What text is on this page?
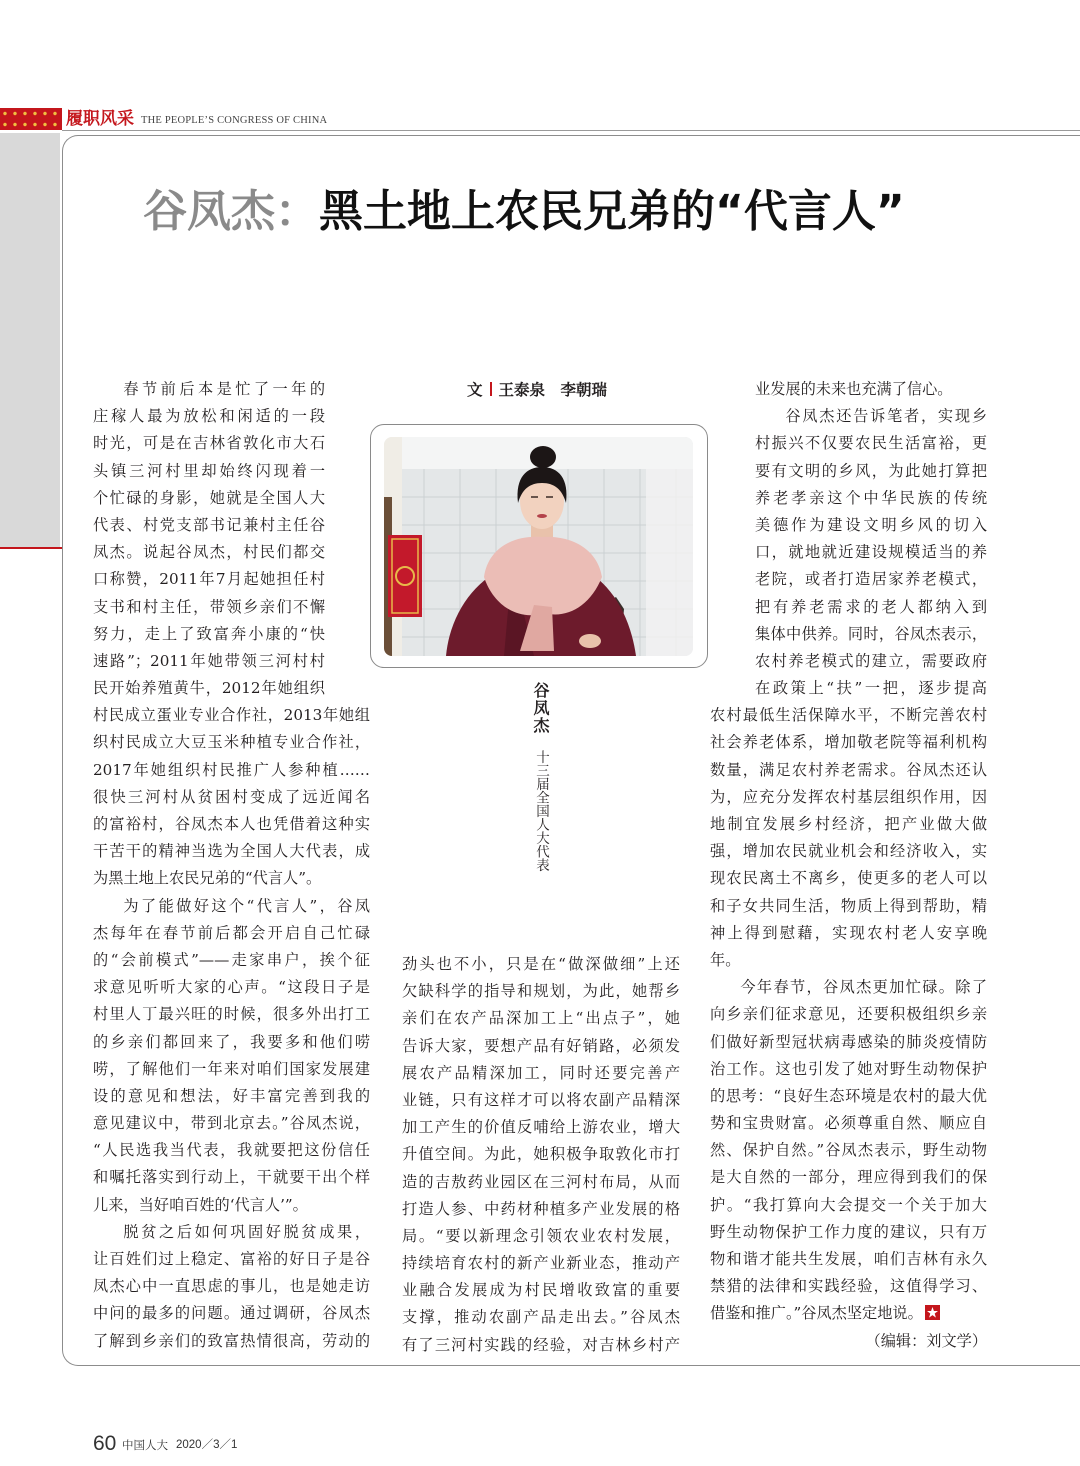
履职风采 THE PEOPLE’S CONGRESS OF CHINA
谷凤杰：黑土地上农民兄弟的“代言人”
文 王泰泉　李朝瑞
谷凤杰
十三届全国人大代表
春节前后本是忙了一年的
庄稼人最为放松和闲适的一段
时光，可是在吉林省敦化市大石
头镇三河村里却始终闪现着一
个忙碌的身影，她就是全国人大
代表、村党支部书记兼村主任谷
凤杰。说起谷凤杰，村民们都交
口称赞，2011年7月起她担任村
支书和村主任，带领乡亲们不懈
努力，走上了致富奔小康的“快
速路”；2011年她带领三河村村
民开始养殖黄牛，2012年她组织
村民成立蛋业专业合作社，2013年她组
织村民成立大豆玉米种植专业合作社，
2017年她组织村民推广人参种植……
很快三河村从贫困村变成了远近闻名
的富裕村，谷凤杰本人也凭借着这种实
干苦干的精神当选为全国人大代表，成
为黑土地上农民兄弟的“代言人”。
为了能做好这个“代言人”，谷凤
杰每年在春节前后都会开启自己忙碌
的“会前模式”——走家串户，挨个征
求意见听听大家的心声。“这段日子是
村里人丁最兴旺的时候，很多外出打工
的乡亲们都回来了，我要多和他们唠
唠，了解他们一年来对咱们国家发展建
设的意见和想法，好丰富完善到我的
意见建议中，带到北京去。”谷凤杰说，
“人民选我当代表，我就要把这份信任
和嘱托落实到行动上，干就要干出个样
儿来，当好咱百姓的‘代言人’”。
脱贫之后如何巩固好脱贫成果，
让百姓们过上稳定、富裕的好日子是谷
凤杰心中一直思虑的事儿，也是她走访
中问的最多的问题。通过调研，谷凤杰
了解到乡亲们的致富热情很高，劳动的
劲头也不小，只是在“做深做细”上还
欠缺科学的指导和规划，为此，她帮乡
亲们在农产品深加工上“出点子”，她
告诉大家，要想产品有好销路，必须发
展农产品精深加工，同时还要完善产
业链，只有这样才可以将农副产品精深
加工产生的价值反哺给上游农业，增大
升值空间。为此，她积极争取敦化市打
造的吉敖药业园区在三河村布局，从而
打造人参、中药材种植多产业发展的格
局。“要以新理念引领农业农村发展，
持续培育农村的新产业新业态，推动产
业融合发展成为村民增收致富的重要
支撑，推动农副产品走出去。”谷凤杰
有了三河村实践的经验，对吉林乡村产
业发展的未来也充满了信心。
谷凤杰还告诉笔者，实现乡
村振兴不仅要农民生活富裕，更
要有文明的乡风，为此她打算把
养老孝亲这个中华民族的传统
美德作为建设文明乡风的切入
口，就地就近建设规模适当的养
老院，或者打造居家养老模式，
把有养老需求的老人都纳入到
集体中供养。同时，谷凤杰表示，
农村养老模式的建立，需要政府
在政策上“扶”一把，逐步提高
农村最低生活保障水平，不断完善农村
社会养老体系，增加敬老院等福利机构
数量，满足农村养老需求。谷凤杰还认
为，应充分发挥农村基层组织作用，因
地制宜发展乡村经济，把产业做大做
强，增加农民就业机会和经济收入，实
现农民离土不离乡，使更多的老人可以
和子女共同生活，物质上得到帮助，精
神上得到慰藉，实现农村老人安享晚
年。
今年春节，谷凤杰更加忙碌。除了
向乡亲们征求意见，还要积极组织乡亲
们做好新型冠状病毒感染的肺炎疫情防
治工作。这也引发了她对野生动物保护
的思考：“良好生态环境是农村的最大优
势和宝贵财富。必须尊重自然、顺应自
然、保护自然。”谷凤杰表示，野生动物
是大自然的一部分，理应得到我们的保
护。“我打算向大会提交一个关于加大
野生动物保护工作力度的建议，只有万
物和谐才能共生发展，咱们吉林有永久
禁猎的法律和实践经验，这值得学习、
借鉴和推广。”谷凤杰坚定地说。
（编辑：刘文学）
60 中国人大 2020／3／1
